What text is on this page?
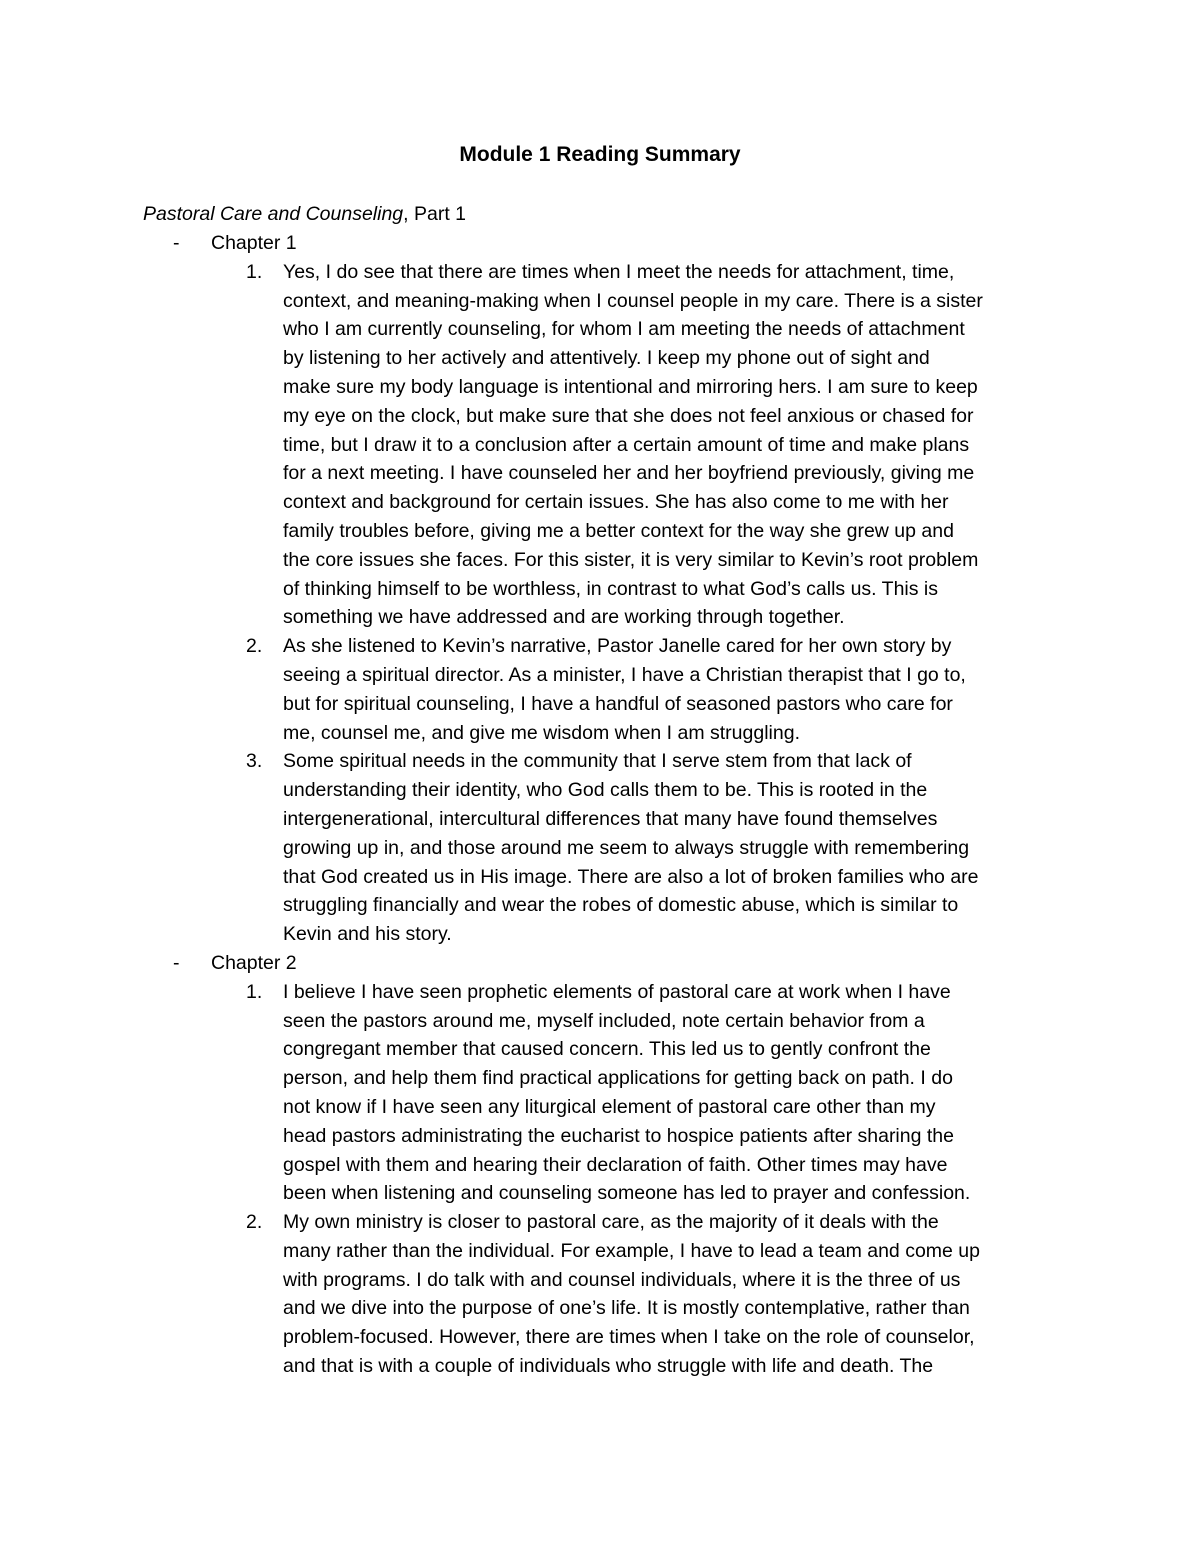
Module 1 Reading Summary
Pastoral Care and Counseling, Part 1
- Chapter 1
1. Yes, I do see that there are times when I meet the needs for attachment, time,
context, and meaning-making when I counsel people in my care. There is a sister
who I am currently counseling, for whom I am meeting the needs of attachment
by listening to her actively and attentively. I keep my phone out of sight and
make sure my body language is intentional and mirroring hers. I am sure to keep
my eye on the clock, but make sure that she does not feel anxious or chased for
time, but I draw it to a conclusion after a certain amount of time and make plans
for a next meeting. I have counseled her and her boyfriend previously, giving me
context and background for certain issues. She has also come to me with her
family troubles before, giving me a better context for the way she grew up and
the core issues she faces. For this sister, it is very similar to Kevin’s root problem
of thinking himself to be worthless, in contrast to what God’s calls us. This is
something we have addressed and are working through together.
2. As she listened to Kevin’s narrative, Pastor Janelle cared for her own story by
seeing a spiritual director. As a minister, I have a Christian therapist that I go to,
but for spiritual counseling, I have a handful of seasoned pastors who care for
me, counsel me, and give me wisdom when I am struggling.
3. Some spiritual needs in the community that I serve stem from that lack of
understanding their identity, who God calls them to be. This is rooted in the
intergenerational, intercultural differences that many have found themselves
growing up in, and those around me seem to always struggle with remembering
that God created us in His image. There are also a lot of broken families who are
struggling financially and wear the robes of domestic abuse, which is similar to
Kevin and his story.
- Chapter 2
1. I believe I have seen prophetic elements of pastoral care at work when I have
seen the pastors around me, myself included, note certain behavior from a
congregant member that caused concern. This led us to gently confront the
person, and help them find practical applications for getting back on path. I do
not know if I have seen any liturgical element of pastoral care other than my
head pastors administrating the eucharist to hospice patients after sharing the
gospel with them and hearing their declaration of faith. Other times may have
been when listening and counseling someone has led to prayer and confession.
2. My own ministry is closer to pastoral care, as the majority of it deals with the
many rather than the individual. For example, I have to lead a team and come up
with programs. I do talk with and counsel individuals, where it is the three of us
and we dive into the purpose of one’s life. It is mostly contemplative, rather than
problem-focused. However, there are times when I take on the role of counselor,
and that is with a couple of individuals who struggle with life and death. The
